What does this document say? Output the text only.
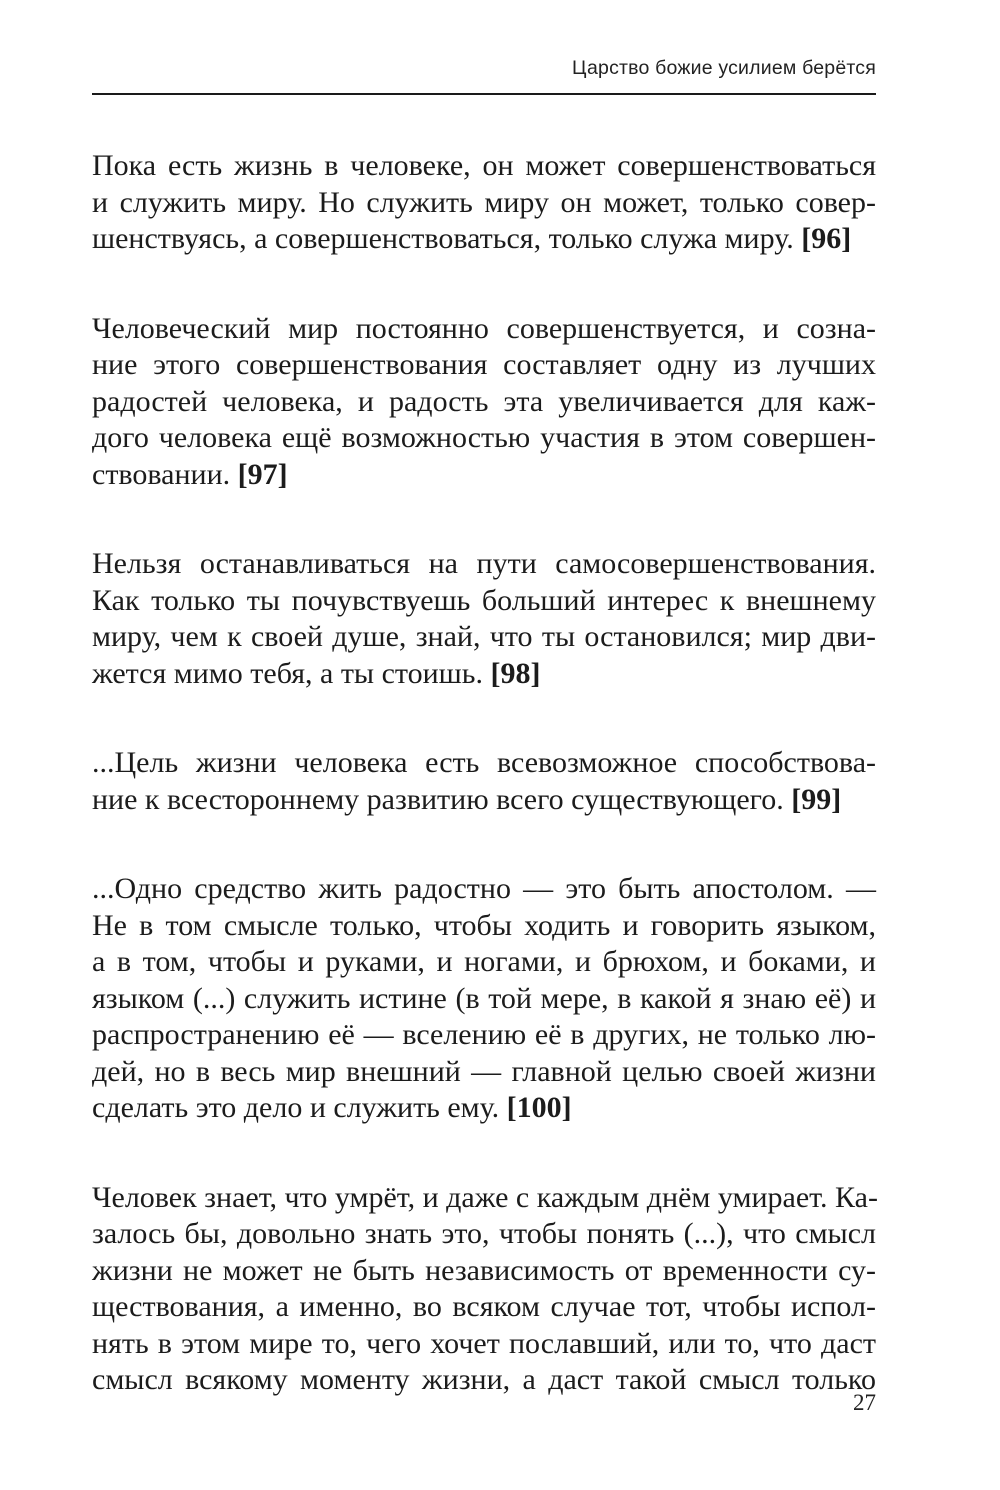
Царство божие усилием берётся
Пока есть жизнь в человеке, он может совершенствоваться
и служить миру. Но служить миру он может, только совер-
шенствуясь, а совершенствоваться, только служа миру. [96]
Человеческий мир постоянно совершенствуется, и созна-
ние этого совершенствования составляет одну из лучших
радостей человека, и радость эта увеличивается для каж-
дого человека ещё возможностью участия в этом совершен-
ствовании. [97]
Нельзя останавливаться на пути самосовершенствования.
Как только ты почувствуешь больший интерес к внешнему
миру, чем к своей душе, знай, что ты остановился; мир дви-
жется мимо тебя, а ты стоишь. [98]
...Цель жизни человека есть всевозможное способствова-
ние к всестороннему развитию всего существующего. [99]
...Одно средство жить радостно — это быть апостолом. —
Не в том смысле только, чтобы ходить и говорить языком,
а в том, чтобы и руками, и ногами, и брюхом, и боками, и
языком (...) служить истине (в той мере, в какой я знаю её) и
распространению её — вселению её в других, не только лю-
дей, но в весь мир внешний — главной целью своей жизни
сделать это дело и служить ему. [100]
Человек знает, что умрёт, и даже с каждым днём умирает. Ка-
залось бы, довольно знать это, чтобы понять (...), что смысл
жизни не может не быть независимость от временности су-
ществования, а именно, во всяком случае тот, чтобы испол-
нять в этом мире то, чего хочет пославший, или то, что даст
смысл всякому моменту жизни, а даст такой смысл только
27
